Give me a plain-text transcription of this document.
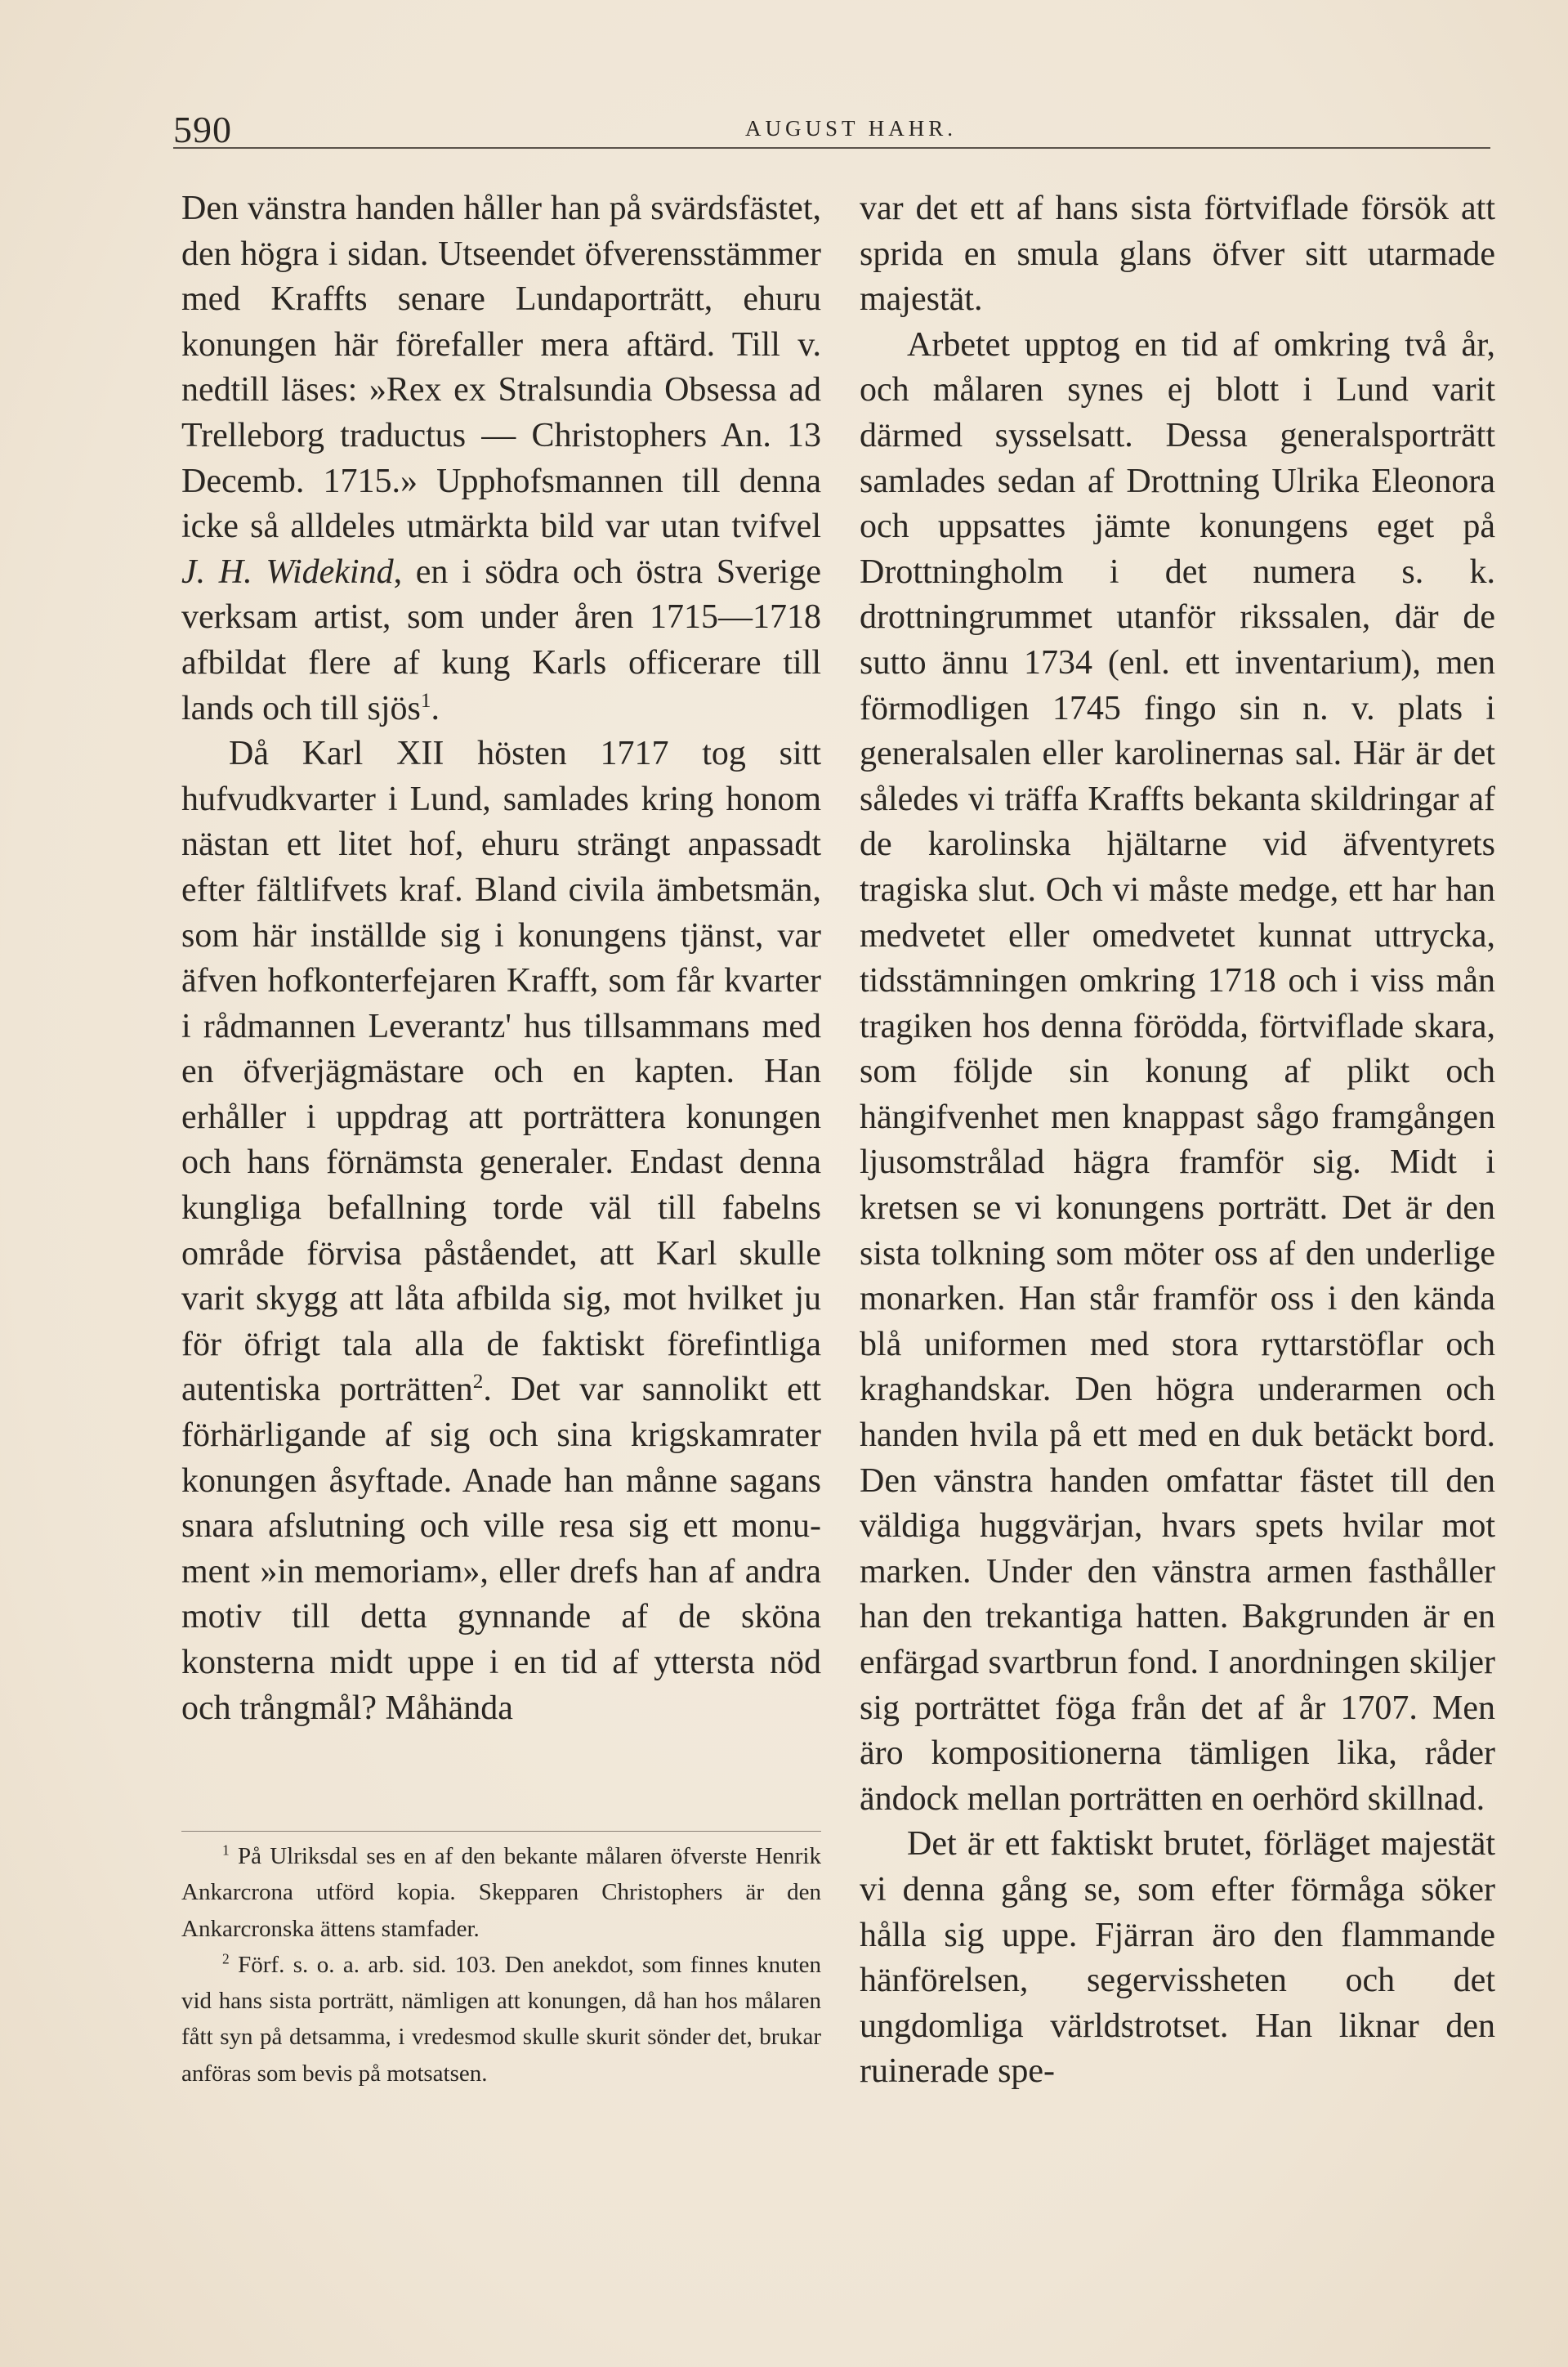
590	AUGUST HAHR.

Den vänstra handen håller han på svärdsfästet, den högra i sidan. Utseendet öfverensstämmer med Kraffts senare Lundaporträtt, ehuru konungen här förefaller mera aftärd. Till v. nedtill läses: »Rex ex Stralsundia Obsessa ad Trelleborg traductus — Christophers An. 13 Decemb. 1715.» Upphofsmannen till denna icke så alldeles utmärkta bild var utan tvifvel J. H. Widekind, en i södra och östra Sverige verksam artist, som under åren 1715—1718 afbildat flere af kung Karls officerare till lands och till sjös$^1$.

Då Karl XII hösten 1717 tog sitt hufvudkvarter i Lund, samlades kring honom nästan ett litet hof, ehuru strängt anpassadt efter fältlifvets kraf. Bland civila ämbetsmän, som här inställde sig i konungens tjänst, var äfven hofkonterfejaren Krafft, som får kvarter i rådmannen Leverantz' hus tillsammans med en öfverjägmästare och en kapten. Han erhåller i uppdrag att porträttera konungen och hans förnämsta generaler. Endast denna kungliga befallning torde väl till fabelns område förvisa påståendet, att Karl skulle varit skygg att låta afbilda sig, mot hvilket ju för öfrigt tala alla de faktiskt förefintliga autentiska porträtten$^2$. Det var sannolikt ett förhärligande af sig och sina krigskamrater konungen åsyftade. Anade han månne sagans snara afslutning och ville resa sig ett monument »in memoriam», eller drefs han af andra motiv till detta gynnande af de sköna konsterna midt uppe i en tid af yttersta nöd och trångmål? Måhända

$^1$ På Ulriksdal ses en af den bekante målaren öfverste Henrik Ankarcrona utförd kopia. Skepparen Christophers är den Ankarcronska ättens stamfader.

$^2$ Förf. s. o. a. arb. sid. 103. Den anekdot, som finnes knuten vid hans sista porträtt, nämligen att konungen, då han hos målaren fått syn på detsamma, i vredesmod skulle skurit sönder det, brukar anföras som bevis på motsatsen.

var det ett af hans sista förtviflade försök att sprida en smula glans öfver sitt utarmade majestät.

Arbetet upptog en tid af omkring två år, och målaren synes ej blott i Lund varit därmed sysselsatt. Dessa generalsporträtt samlades sedan af Drottning Ulrika Eleonora och uppsattes jämte konungens eget på Drottningholm i det numera s. k. drottningrummet utanför rikssalen, där de sutto ännu 1734 (enl. ett inventarium), men förmodligen 1745 fingo sin n. v. plats i generalsalen eller karolinernas sal. Här är det således vi träffa Kraffts bekanta skildringar af de karolinska hjältarne vid äfventyrets tragiska slut. Och vi måste medge, ett har han medvetet eller omedvetet kunnat uttrycka, tidsstämningen omkring 1718 och i viss mån tragiken hos denna förödda, förtviflade skara, som följde sin konung af plikt och hängifvenhet men knappast sågo framgången ljusomstrålad hägra framför sig. Midt i kretsen se vi konungens porträtt. Det är den sista tolkning som möter oss af den underlige monarken. Han står framför oss i den kända blå uniformen med stora ryttarstöflar och kraghandskar. Den högra underarmen och handen hvila på ett med en duk betäckt bord. Den vänstra handen omfattar fästet till den väldiga huggvärjan, hvars spets hvilar mot marken. Under den vänstra armen fasthåller han den trekantiga hatten. Bakgrunden är en enfärgad svartbrun fond. I anordningen skiljer sig porträttet föga från det af år 1707. Men äro kompositionerna tämligen lika, råder ändock mellan porträtten en oerhörd skillnad.

Det är ett faktiskt brutet, förläget majestät vi denna gång se, som efter förmåga söker hålla sig uppe. Fjärran äro den flammande hänförelsen, segervissheten och det ungdomliga världstrotset. Han liknar den ruinerade spe-
